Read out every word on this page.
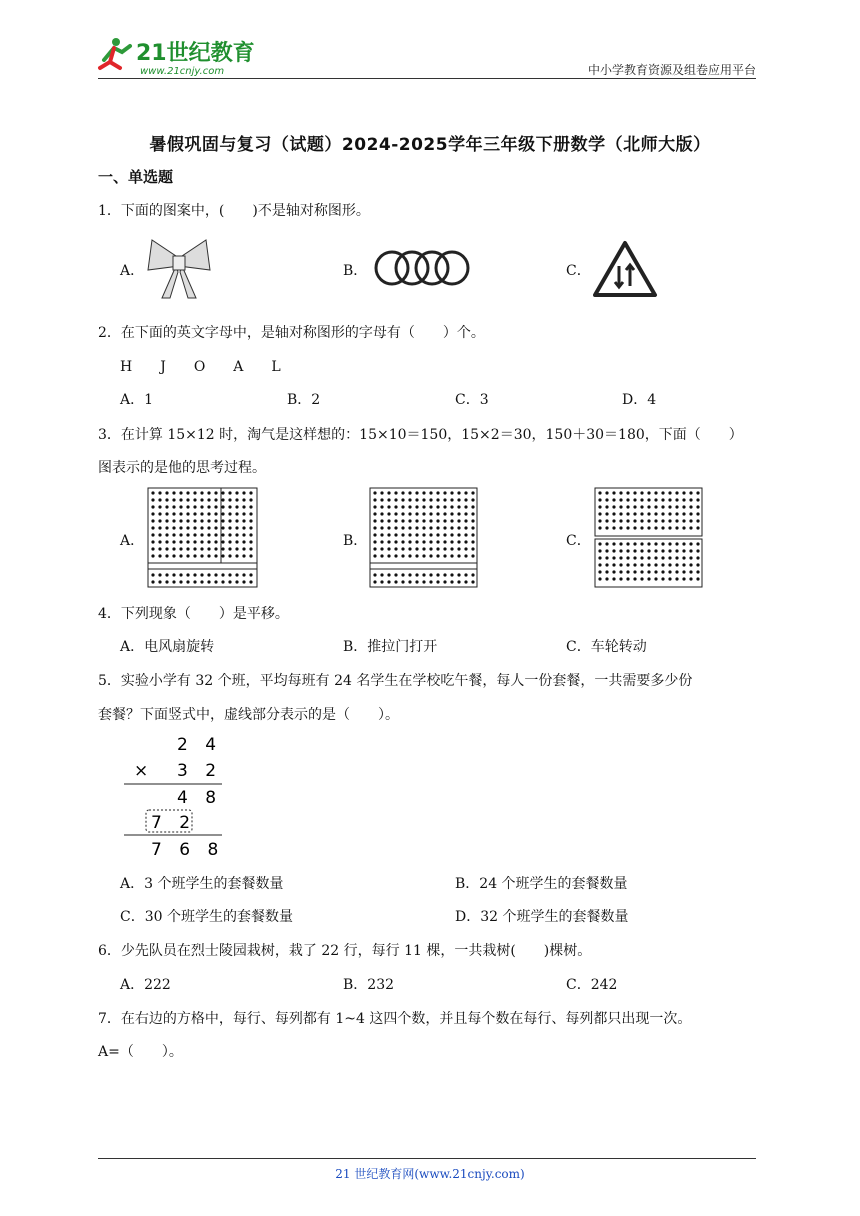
21世纪教育
www.21cnjy.com	中小学教育资源及组卷应用平台
暑假巩固与复习（试题）2024-2025学年三年级下册数学（北师大版）
一、单选题
1．下面的图案中，(　　)不是轴对称图形。
A．	B．	C．
2．在下面的英文字母中，是轴对称图形的字母有（　　）个。
H　　J　　O　　A　　L
A．1	B．2	C．3	D．4
3．在计算 15×12 时，淘气是这样想的：15×10＝150，15×2＝30，150＋30＝180，下面（　　）
图表示的是他的思考过程。
A．	B．	C．
4．下列现象（　　）是平移。
A．电风扇旋转	B．推拉门打开	C．车轮转动
5．实验小学有 32 个班，平均每班有 24 名学生在学校吃午餐，每人一份套餐，一共需要多少份
套餐？下面竖式中，虚线部分表示的是（　　）。
2 4
× 3 2
4 8
7 2
7 6 8
A．3 个班学生的套餐数量	B．24 个班学生的套餐数量
C．30 个班学生的套餐数量	D．32 个班学生的套餐数量
6．少先队员在烈士陵园栽树，栽了 22 行，每行 11 棵，一共栽树(　　)棵树。
A．222	B．232	C．242
7．在右边的方格中，每行、每列都有 1~4 这四个数，并且每个数在每行、每列都只出现一次。
A=（　　）。
21 世纪教育网(www.21cnjy.com)
